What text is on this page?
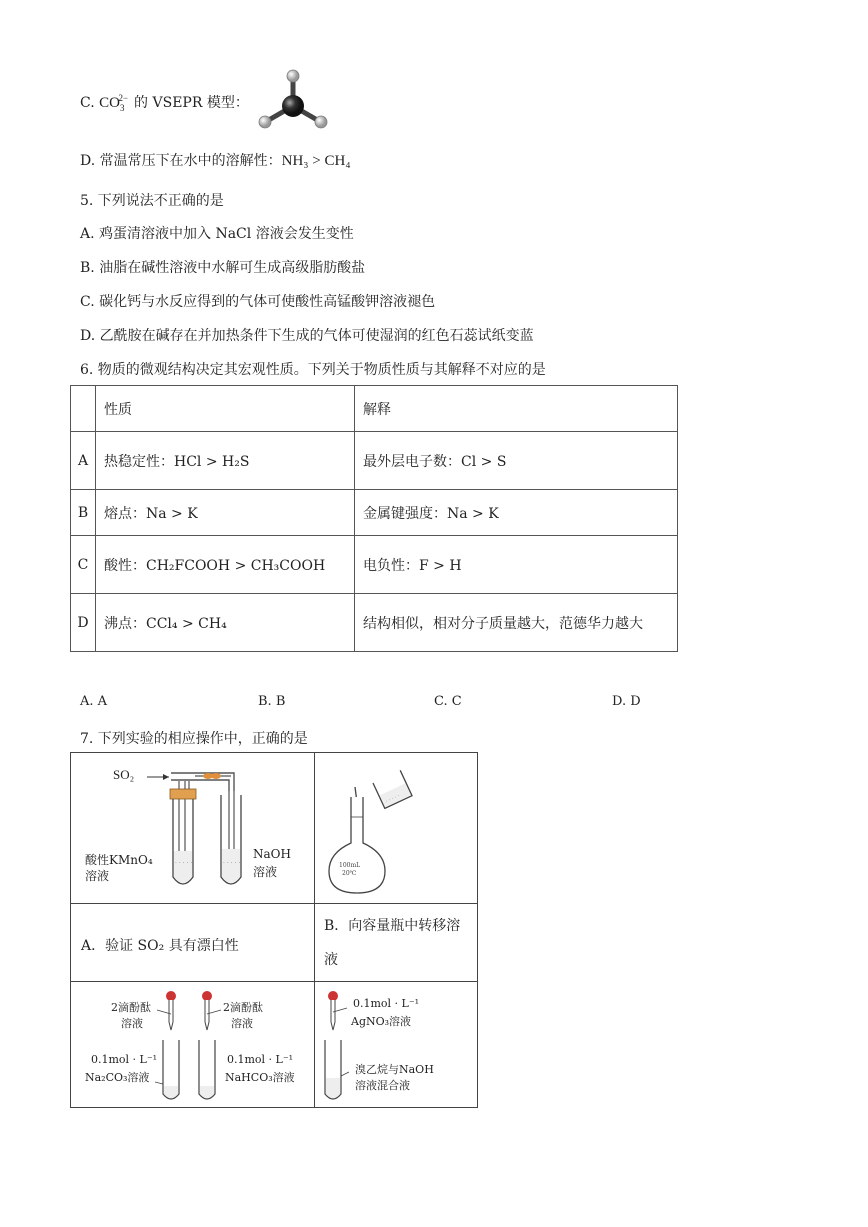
C. $CO_3^{2-}$ 的 VSEPR 模型：
D. 常温常压下在水中的溶解性：NH₃ > CH₄
5. 下列说法不正确的是
A. 鸡蛋清溶液中加入 NaCl 溶液会发生变性
B. 油脂在碱性溶液中水解可生成高级脂肪酸盐
C. 碳化钙与水反应得到的气体可使酸性高锰酸钾溶液褪色
D. 乙酰胺在碱存在并加热条件下生成的气体可使湿润的红色石蕊试纸变蓝
6. 物质的微观结构决定其宏观性质。下列关于物质性质与其解释不对应的是
	性质	解释
A	热稳定性：HCl > H₂S	最外层电子数：Cl > S
B	熔点：Na > K	金属键强度：Na > K
C	酸性：CH₂FCOOH > CH₃COOH	电负性：F > H
D	沸点：CCl₄ > CH₄	结构相似，相对分子质量越大，范德华力越大
A. A	B. B	C. C	D. D
7. 下列实验的相应操作中，正确的是
· · · · ·	· · · · ·
SO₂
酸性KMnO₄
溶液
NaOH
溶液
· · · · ·
100mL
20℃
A．验证 SO₂ 具有漂白性
B．向容量瓶中转移溶
液
2滴酚酞
溶液
2滴酚酞
溶液
0.1mol · L⁻¹
Na₂CO₃溶液
0.1mol · L⁻¹
NaHCO₃溶液
0.1mol · L⁻¹
AgNO₃溶液
溴乙烷与NaOH
溶液混合液
